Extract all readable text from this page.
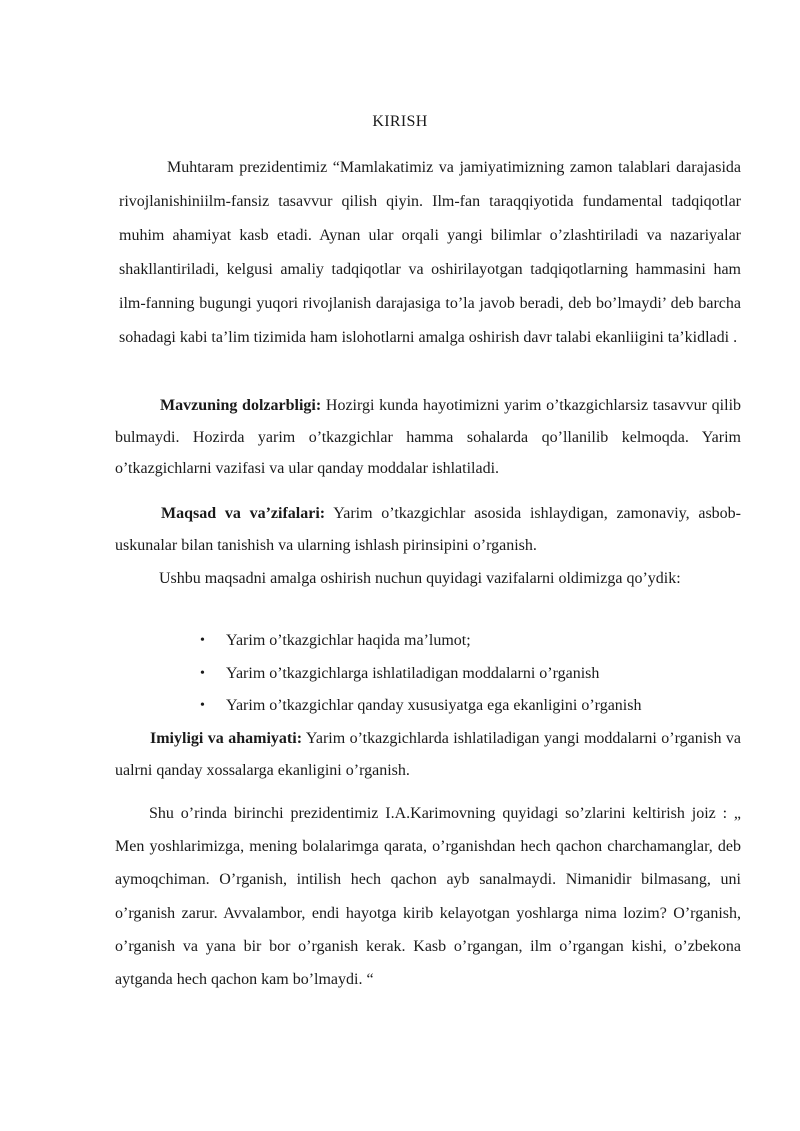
KIRISH

Muhtaram prezidentimiz “Mamlakatimiz va jamiyatimizning zamon talablari darajasida rivojlanishiniilm-fansiz tasavvur qilish qiyin. Ilm-fan taraqqiyotida fundamental tadqiqotlar muhim ahamiyat kasb etadi. Aynan ular orqali yangi bilimlar o’zlashtiriladi va nazariyalar shakllantiriladi, kelgusi amaliy tadqiqotlar va oshirilayotgan tadqiqotlarning hammasini ham ilm-fanning bugungi yuqori rivojlanish darajasiga to’la javob beradi, deb bo’lmaydi’ deb barcha sohadagi kabi ta’lim tizimida ham islohotlarni amalga oshirish davr talabi ekanliigini ta’kidladi .

Mavzuning dolzarbligi: Hozirgi kunda hayotimizni yarim o’tkazgichlarsiz tasavvur qilib bulmaydi. Hozirda yarim o’tkazgichlar hamma sohalarda qo’llanilib kelmoqda. Yarim o’tkazgichlarni vazifasi va ular qanday moddalar ishlatiladi.

Maqsad va va’zifalari: Yarim o’tkazgichlar asosida ishlaydigan, zamonaviy, asbob-uskunalar bilan tanishish va ularning ishlash pirinsipini o’rganish.

Ushbu maqsadni amalga oshirish nuchun quyidagi vazifalarni oldimizga qo’ydik:

• Yarim o’tkazgichlar haqida ma’lumot;
• Yarim o’tkazgichlarga ishlatiladigan moddalarni o’rganish
• Yarim o’tkazgichlar qanday xususiyatga ega ekanligini o’rganish

Imiyligi va ahamiyati: Yarim o’tkazgichlarda ishlatiladigan yangi moddalarni o’rganish va ualrni qanday xossalarga ekanligini o’rganish.

Shu o’rinda birinchi prezidentimiz I.A.Karimovning quyidagi so’zlarini keltirish joiz : „ Men yoshlarimizga, mening bolalarimga qarata, o’rganishdan hech qachon charchamanglar, deb aymoqchiman. O’rganish, intilish hech qachon ayb sanalmaydi. Nimanidir bilmasang, uni o’rganish zarur. Avvalambor, endi hayotga kirib kelayotgan yoshlarga nima lozim? O’rganish, o’rganish va yana bir bor o’rganish kerak. Kasb o’rgangan, ilm o’rgangan kishi, o’zbekona aytganda hech qachon kam bo’lmaydi. “
